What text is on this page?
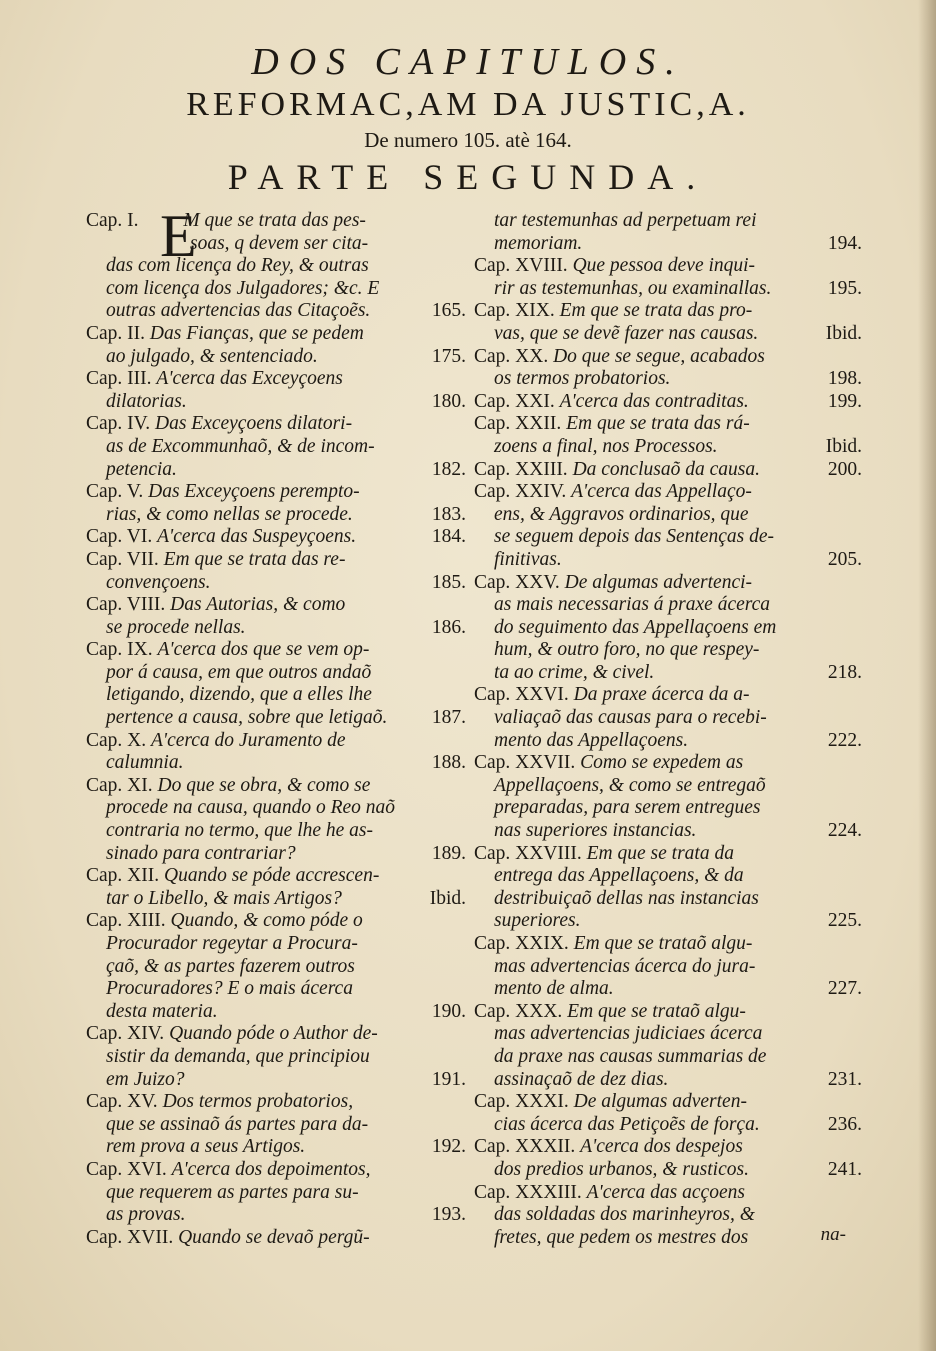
DOS CAPITULOS.
REFORMAC,AM DA JUSTIC,A.
De numero 105. atè 164.
PARTE SEGUNDA.
Cap. I. E
M que se trata das pes-
soas, q devem ser cita-
das com licença do Rey, & outras
com licença dos Julgadores; &c. E
outras advertencias das Citaçoẽs.	165.
Cap. II. Das Fianças, que se pedem
ao julgado, & sentenciado.	175.
Cap. III. A'cerca das Exceyçoens
dilatorias.	180.
Cap. IV. Das Exceyçoens dilatori-
as de Excommunhaõ, & de incom-
petencia.	182.
Cap. V. Das Exceyçoens perempto-
rias, & como nellas se procede.	183.
Cap. VI. A'cerca das Suspeyçoens.	184.
Cap. VII. Em que se trata das re-
convençoens.	185.
Cap. VIII. Das Autorias, & como
se procede nellas.	186.
Cap. IX. A'cerca dos que se vem op-
por á causa, em que outros andaõ
letigando, dizendo, que a elles lhe
pertence a causa, sobre que letigaõ. 187.
Cap. X. A'cerca do Juramento de
calumnia.	188.
Cap. XI. Do que se obra, & como se
procede na causa, quando o Reo naõ
contraria no termo, que lhe he as-
sinado para contrariar?	189.
Cap. XII. Quando se póde accrescen-
tar o Libello, & mais Artigos?	Ibid.
Cap. XIII. Quando, & como póde o
Procurador regeytar a Procura-
çaõ, & as partes fazerem outros
Procuradores? E o mais ácerca
desta materia.	190.
Cap. XIV. Quando póde o Author de-
sistir da demanda, que principiou
em Juizo?	191.
Cap. XV. Dos termos probatorios,
que se assinaõ ás partes para da-
rem prova a seus Artigos.	192.
Cap. XVI. A'cerca dos depoimentos,
que requerem as partes para su-
as provas.	193.
Cap. XVII. Quando se devaõ pergũ-
tar testemunhas ad perpetuam rei
memoriam.	194.
Cap. XVIII. Que pessoa deve inqui-
rir as testemunhas, ou examinallas.	195.
Cap. XIX. Em que se trata das pro-
vas, que se devẽ fazer nas causas.	Ibid.
Cap. XX. Do que se segue, acabados
os termos probatorios.	198.
Cap. XXI. A'cerca das contraditas.	199.
Cap. XXII. Em que se trata das rá-
zoens a final, nos Processos.	Ibid.
Cap. XXIII. Da conclusaõ da causa.	200.
Cap. XXIV. A'cerca das Appellaço-
ens, & Aggravos ordinarios, que
se seguem depois das Sentenças de-
finitivas.	205.
Cap. XXV. De algumas advertenci-
as mais necessarias á praxe ácerca
do seguimento das Appellaçoens em
hum, & outro foro, no que respey-
ta ao crime, & civel.	218.
Cap. XXVI. Da praxe ácerca da a-
valiaçaõ das causas para o recebi-
mento das Appellaçoens.	222.
Cap. XXVII. Como se expedem as
Appellaçoens, & como se entregaõ
preparadas, para serem entregues
nas superiores instancias.	224.
Cap. XXVIII. Em que se trata da
entrega das Appellaçoens, & da
destribuiçaõ dellas nas instancias
superiores.	225.
Cap. XXIX. Em que se trataõ algu-
mas advertencias ácerca do jura-
mento de alma.	227.
Cap. XXX. Em que se trataõ algu-
mas advertencias judiciaes ácerca
da praxe nas causas summarias de
assinaçaõ de dez dias.	231.
Cap. XXXI. De algumas adverten-
cias ácerca das Petiçoẽs de força.	236.
Cap. XXXII. A'cerca dos despejos
dos predios urbanos, & rusticos.	241.
Cap. XXXIII. A'cerca das acçoens
das soldadas dos marinheyros, &
fretes, que pedem os mestres dos	na-
